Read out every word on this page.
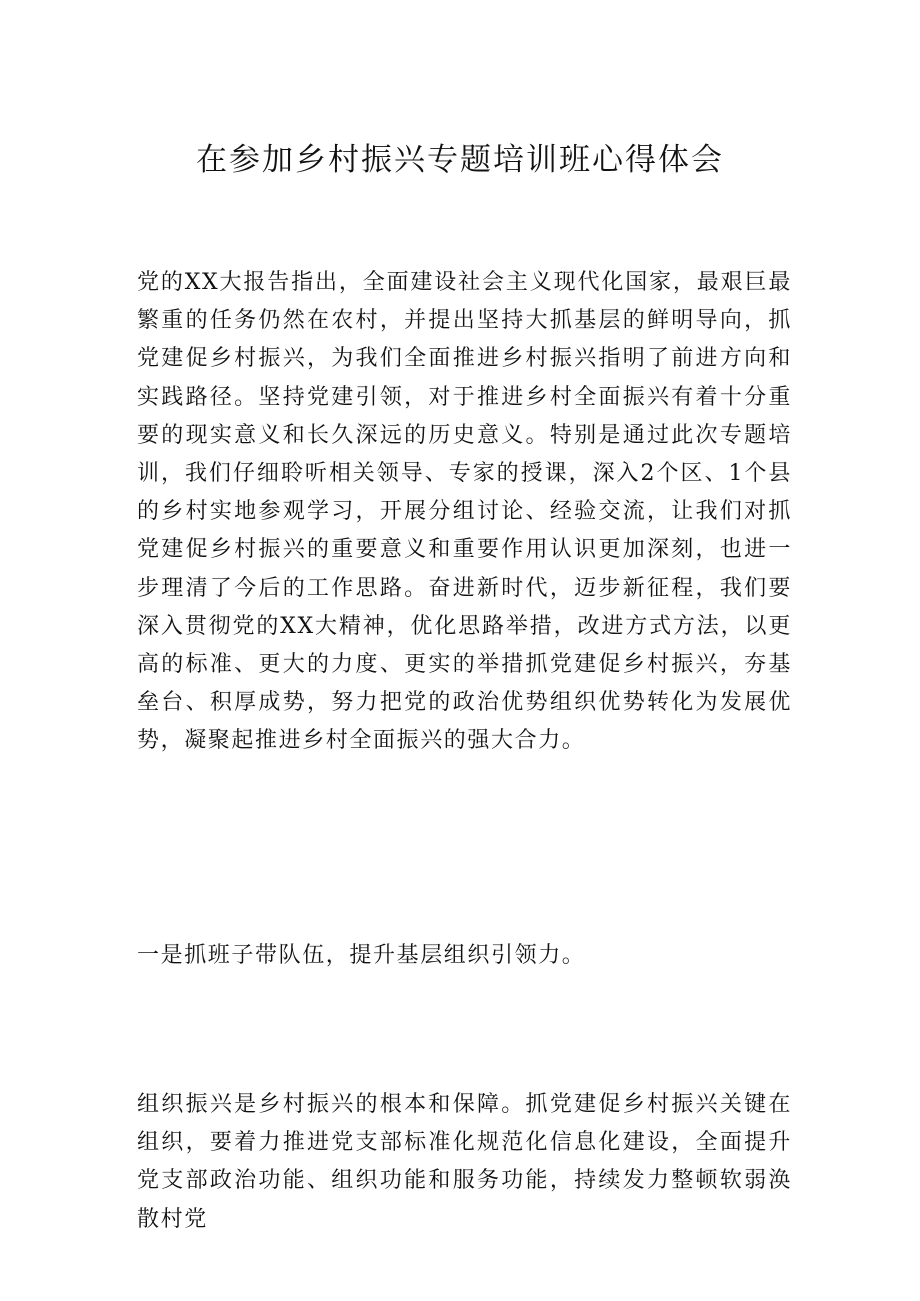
在参加乡村振兴专题培训班心得体会
党的XX大报告指出，全面建设社会主义现代化国家，最艰巨最繁重的任务仍然在农村，并提出坚持大抓基层的鲜明导向，抓党建促乡村振兴，为我们全面推进乡村振兴指明了前进方向和实践路径。坚持党建引领，对于推进乡村全面振兴有着十分重要的现实意义和长久深远的历史意义。特别是通过此次专题培训，我们仔细聆听相关领导、专家的授课，深入2个区、1个县的乡村实地参观学习，开展分组讨论、经验交流，让我们对抓党建促乡村振兴的重要意义和重要作用认识更加深刻，也进一步理清了今后的工作思路。奋进新时代，迈步新征程，我们要深入贯彻党的XX大精神，优化思路举措，改进方式方法，以更高的标准、更大的力度、更实的举措抓党建促乡村振兴，夯基垒台、积厚成势，努力把党的政治优势组织优势转化为发展优势，凝聚起推进乡村全面振兴的强大合力。
一是抓班子带队伍，提升基层组织引领力。
组织振兴是乡村振兴的根本和保障。抓党建促乡村振兴关键在组织，要着力推进党支部标准化规范化信息化建设，全面提升党支部政治功能、组织功能和服务功能，持续发力整顿软弱涣散村党
